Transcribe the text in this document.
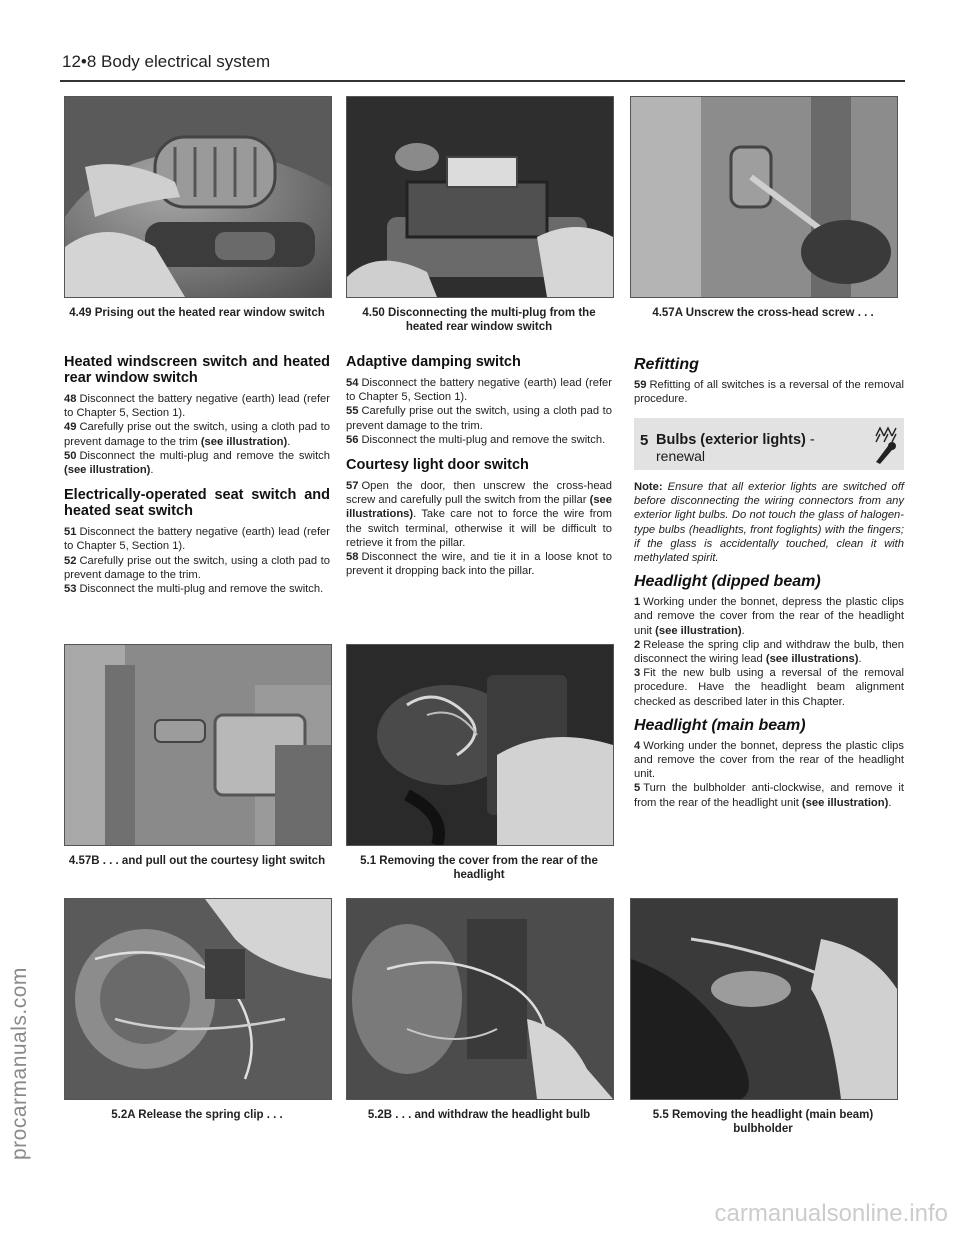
12•8 Body electrical system
procarmanuals.com
carmanualsonline.info
4.49 Prising out the heated rear window switch	4.50 Disconnecting the multi-plug from the heated rear window switch
4.57A Unscrew the cross-head screw . . .
Heated windscreen switch and heated rear window switch

48 Disconnect the battery negative (earth) lead (refer to Chapter 5, Section 1).

49 Carefully prise out the switch, using a cloth pad to prevent damage to the trim (see illustration).

50 Disconnect the multi-plug and remove the switch (see illustration).

Electrically-operated seat switch and heated seat switch

51 Disconnect the battery negative (earth) lead (refer to Chapter 5, Section 1).

52 Carefully prise out the switch, using a cloth pad to prevent damage to the trim.

53 Disconnect the multi-plug and remove the switch.

Adaptive damping switch

54 Disconnect the battery negative (earth) lead (refer to Chapter 5, Section 1).

55 Carefully prise out the switch, using a cloth pad to prevent damage to the trim.

56 Disconnect the multi-plug and remove the switch.

Courtesy light door switch

57 Open the door, then unscrew the cross-head screw and carefully pull the switch from the pillar (see illustrations). Take care not to force the wire from the switch terminal, otherwise it will be difficult to retrieve it from the pillar.

58 Disconnect the wire, and tie it in a loose knot to prevent it dropping back into the pillar.

Refitting

59 Refitting of all switches is a reversal of the removal procedure.

5 Bulbs (exterior lights) -
renewal

Note: Ensure that all exterior lights are switched off before disconnecting the wiring connectors from any exterior light bulbs. Do not touch the glass of halogen-type bulbs (headlights, front foglights) with the fingers; if the glass is accidentally touched, clean it with methylated spirit.

Headlight (dipped beam)

1 Working under the bonnet, depress the plastic clips and remove the cover from the rear of the headlight unit (see illustration).

2 Release the spring clip and withdraw the bulb, then disconnect the wiring lead (see illustrations).

3 Fit the new bulb using a reversal of the removal procedure. Have the headlight beam alignment checked as described later in this Chapter.

Headlight (main beam)

4 Working under the bonnet, depress the plastic clips and remove the cover from the rear of the headlight unit.

5 Turn the bulbholder anti-clockwise, and remove it from the rear of the headlight unit (see illustration).

4.57B . . . and pull out the courtesy light switch	5.1 Removing the cover from the rear of the headlight
5.2A Release the spring clip . . .	5.2B . . . and withdraw the headlight bulb	5.5 Removing the headlight (main beam) bulbholder
